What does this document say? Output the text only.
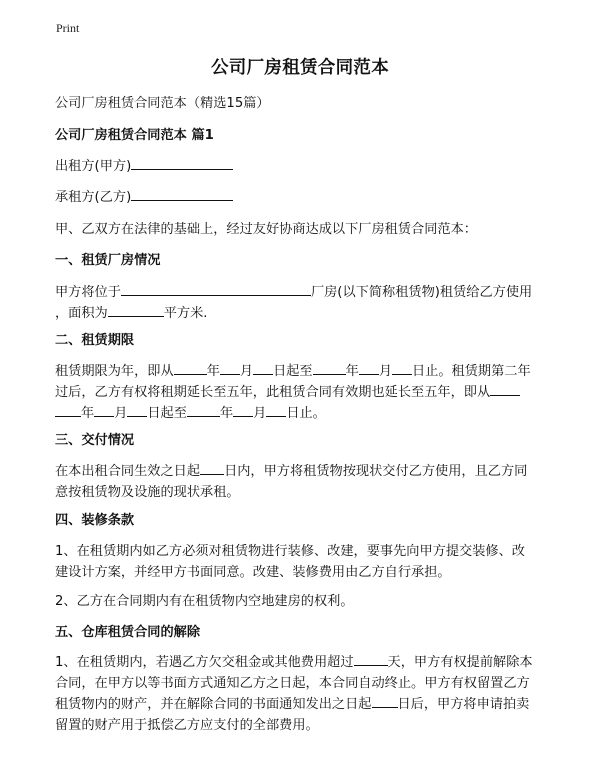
Print
公司厂房租赁合同范本
公司厂房租赁合同范本（精选15篇）
公司厂房租赁合同范本 篇1
出租方(甲方)
承租方(乙方)
甲、乙双方在法律的基础上，经过友好协商达成以下厂房租赁合同范本：
一、租赁厂房情况
甲方将位于	厂房(以下简称租赁物)租赁给乙方使用
，面积为	平方米.
二、租赁期限
租赁期限为年，即从	年 月 日起至	年 月 日止。租赁期第二年
过后，乙方有权将租期延长至五年，此租赁合同有效期也延长至五年，即从
年 月 日起至	年 月 日止。
三、交付情况
在本出租合同生效之日起 日内，甲方将租赁物按现状交付乙方使用，且乙方同
意按租赁物及设施的现状承租。
四、装修条款
1、在租赁期内如乙方必须对租赁物进行装修、改建，要事先向甲方提交装修、改
建设计方案，并经甲方书面同意。改建、装修费用由乙方自行承担。
2、乙方在合同期内有在租赁物内空地建房的权利。
五、仓库租赁合同的解除
1、在租赁期内，若遇乙方欠交租金或其他费用超过	天，甲方有权提前解除本
合同，在甲方以等书面方式通知乙方之日起，本合同自动终止。甲方有权留置乙方
租赁物内的财产，并在解除合同的书面通知发出之日起 日后，甲方将申请拍卖
留置的财产用于抵偿乙方应支付的全部费用。
